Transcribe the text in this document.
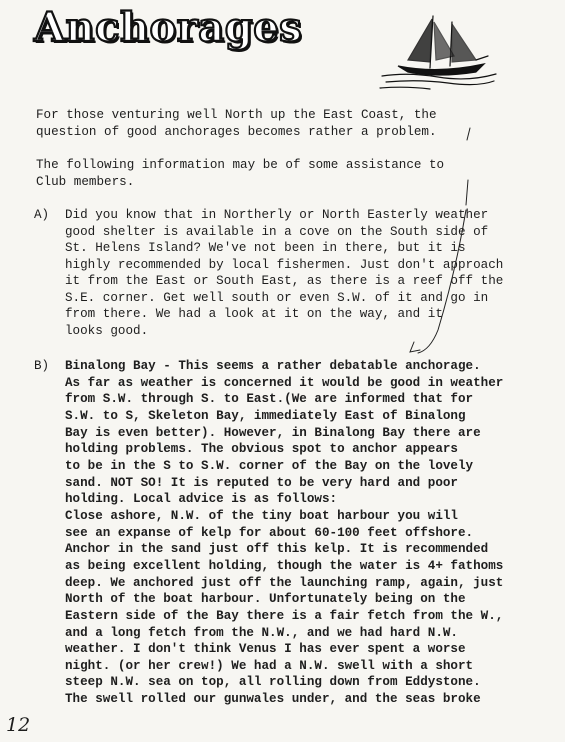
Anchorages
For those venturing well North up the East Coast, the
question of good anchorages becomes rather a problem.
The following information may be of some assistance to
Club members.
A) Did you know that in Northerly or North Easterly weather
good shelter is available in a cove on the South side of
St. Helens Island? We've not been in there, but it is
highly recommended by local fishermen. Just don't approach
it from the East or South East, as there is a reef off the
S.E. corner. Get well south or even S.W. of it and go in
from there. We had a look at it on the way, and it
looks good.
B) Binalong Bay - This seems a rather debatable anchorage.
As far as weather is concerned it would be good in weather
from S.W. through S. to East.(We are informed that for
S.W. to S, Skeleton Bay, immediately East of Binalong
Bay is even better). However, in Binalong Bay there are
holding problems. The obvious spot to anchor appears
to be in the S to S.W. corner of the Bay on the lovely
sand. NOT SO! It is reputed to be very hard and poor
holding. Local advice is as follows:
Close ashore, N.W. of the tiny boat harbour you will
see an expanse of kelp for about 60-100 feet offshore.
Anchor in the sand just off this kelp. It is recommended
as being excellent holding, though the water is 4+ fathoms
deep. We anchored just off the launching ramp, again, just
North of the boat harbour. Unfortunately being on the
Eastern side of the Bay there is a fair fetch from the W.,
and a long fetch from the N.W., and we had hard N.W.
weather. I don't think Venus I has ever spent a worse
night. (or her crew!) We had a N.W. swell with a short
steep N.W. sea on top, all rolling down from Eddystone.
The swell rolled our gunwales under, and the seas broke
12
